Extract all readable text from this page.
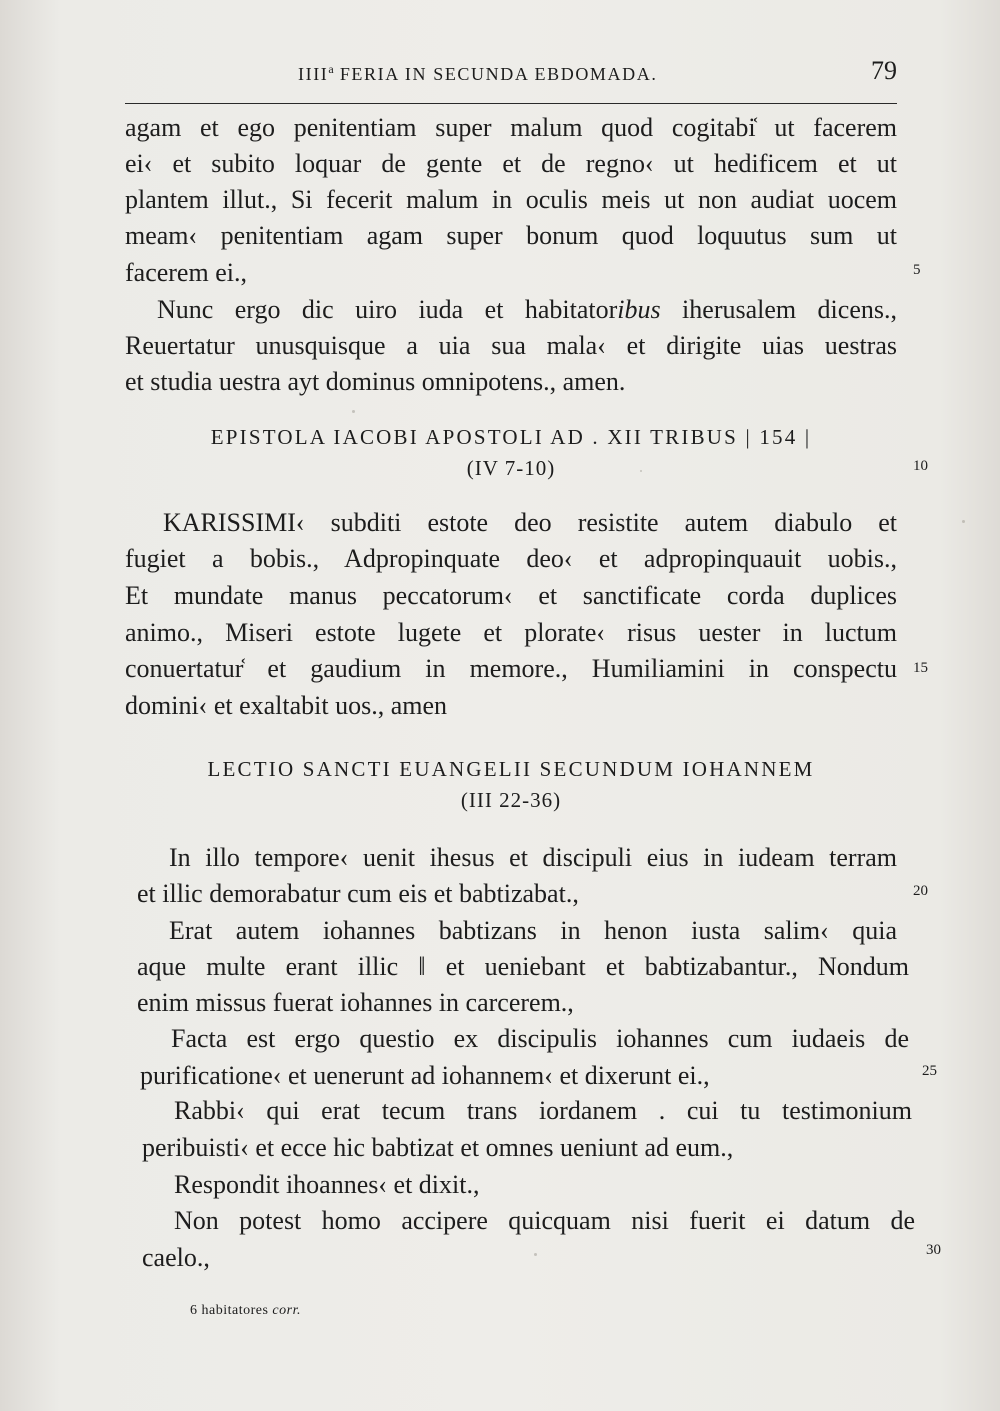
IIII$^a$ FERIA IN SECUNDA EBDOMADA.	79
agam et ego penitentiam super malum quod cogitabi᷾ ut facerem
ei‹ et subito loquar de gente et de regno‹ ut hedificem et ut
plantem illut., Si fecerit malum in oculis meis ut non audiat uocem
meam‹ penitentiam agam super bonum quod loquutus sum ut
facerem ei.,	5
Nunc ergo dic uiro iuda et habitatoribus iherusalem dicens.,
Reuertatur unusquisque a uia sua mala‹ et dirigite uias uestras
et studia uestra ayt dominus omnipotens., amen.
EPISTOLA IACOBI APOSTOLI AD . XII TRIBUS | 154 |
(IV 7-10)	10
KARISSIMI‹ subditi estote deo resistite autem diabulo et
fugiet a bobis., Adpropinquate deo‹ et adpropinquauit uobis.,
Et mundate manus peccatorum‹ et sanctificate corda duplices
animo., Miseri estote lugete et plorate‹ risus uester in luctum
conuertatur᷾ et gaudium in memore., Humiliamini in conspectu 15
domini‹ et exaltabit uos., amen
LECTIO SANCTI EUANGELII SECUNDUM IOHANNEM
(III 22-36)
In illo tempore‹ uenit ihesus et discipuli eius in iudeam terram
et illic demorabatur cum eis et babtizabat.,	20
Erat autem iohannes babtizans in henon iusta salim‹ quia
aque multe erant illic ‖ et ueniebant et babtizabantur., Nondum
enim missus fuerat iohannes in carcerem.,
Facta est ergo questio ex discipulis iohannes cum iudaeis de
purificatione‹ et uenerunt ad iohannem‹ et dixerunt ei.,	25
Rabbi‹ qui erat tecum trans iordanem . cui tu testimonium
peribuisti‹ et ecce hic babtizat et omnes ueniunt ad eum.,
Respondit ihoannes‹ et dixit.,
Non potest homo accipere quicquam nisi fuerit ei datum de
caelo.,	30
6 habitatores corr.
